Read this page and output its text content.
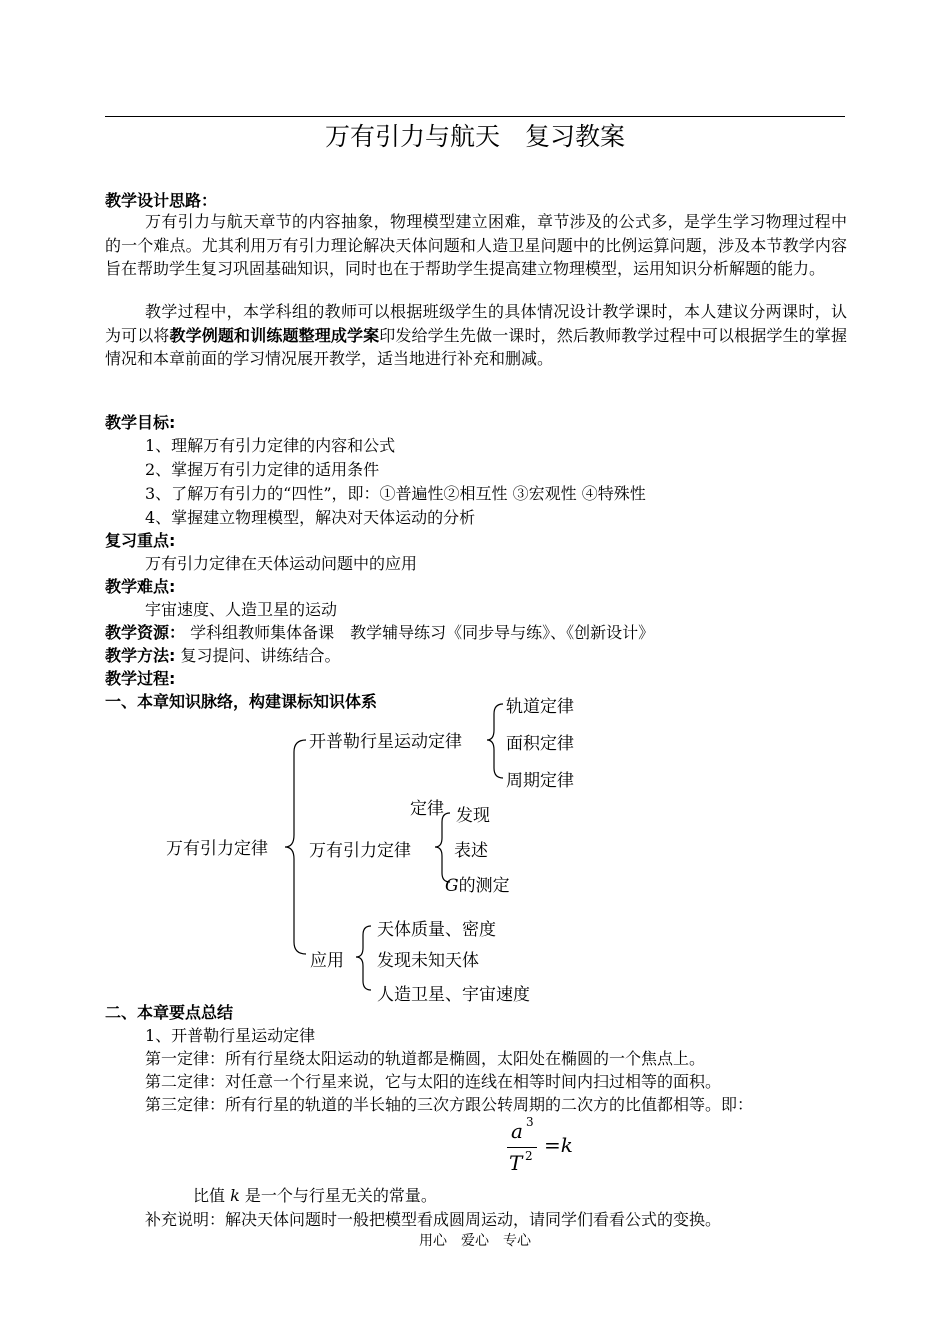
万有引力与航天　复习教案
教学设计思路：
万有引力与航天章节的内容抽象，物理模型建立困难，章节涉及的公式多，是学生学习物理过程中的一个难点。尤其利用万有引力理论解决天体问题和人造卫星问题中的比例运算问题，涉及本节教学内容旨在帮助学生复习巩固基础知识，同时也在于帮助学生提高建立物理模型，运用知识分析解题的能力。
教学过程中，本学科组的教师可以根据班级学生的具体情况设计教学课时，本人建议分两课时，认为可以将教学例题和训练题整理成学案印发给学生先做一课时，然后教师教学过程中可以根据学生的掌握情况和本章前面的学习情况展开教学，适当地进行补充和删减。
教学目标:
1、理解万有引力定律的内容和公式
2、掌握万有引力定律的适用条件
3、了解万有引力的“四性”，即：①普遍性②相互性 ③宏观性 ④特殊性
4、掌握建立物理模型，解决对天体运动的分析
复习重点:
万有引力定律在天体运动问题中的应用
教学难点:
宇宙速度、人造卫星的运动
教学资源： 学科组教师集体备课　教学辅导练习《同步导与练》、《创新设计》
教学方法: 复习提问、讲练结合。
教学过程:
一、本章知识脉络，构建课标知识体系
万有引力定律
开普勒行星运动定律
轨道定律
面积定律
周期定律
定律
万有引力定律
发现
表述
G的测定
应用
天体质量、密度
发现未知天体
人造卫星、宇宙速度
二、本章要点总结
1、开普勒行星运动定律
第一定律：所有行星绕太阳运动的轨道都是椭圆，太阳处在椭圆的一个焦点上。
第二定律：对任意一个行星来说，它与太阳的连线在相等时间内扫过相等的面积。
第三定律：所有行星的轨道的半长轴的三次方跟公转周期的二次方的比值都相等。即：
a 3
T 2 =k
比值 k 是一个与行星无关的常量。
补充说明：解决天体问题时一般把模型看成圆周运动，请同学们看看公式的变换。
用心　爱心　专心
